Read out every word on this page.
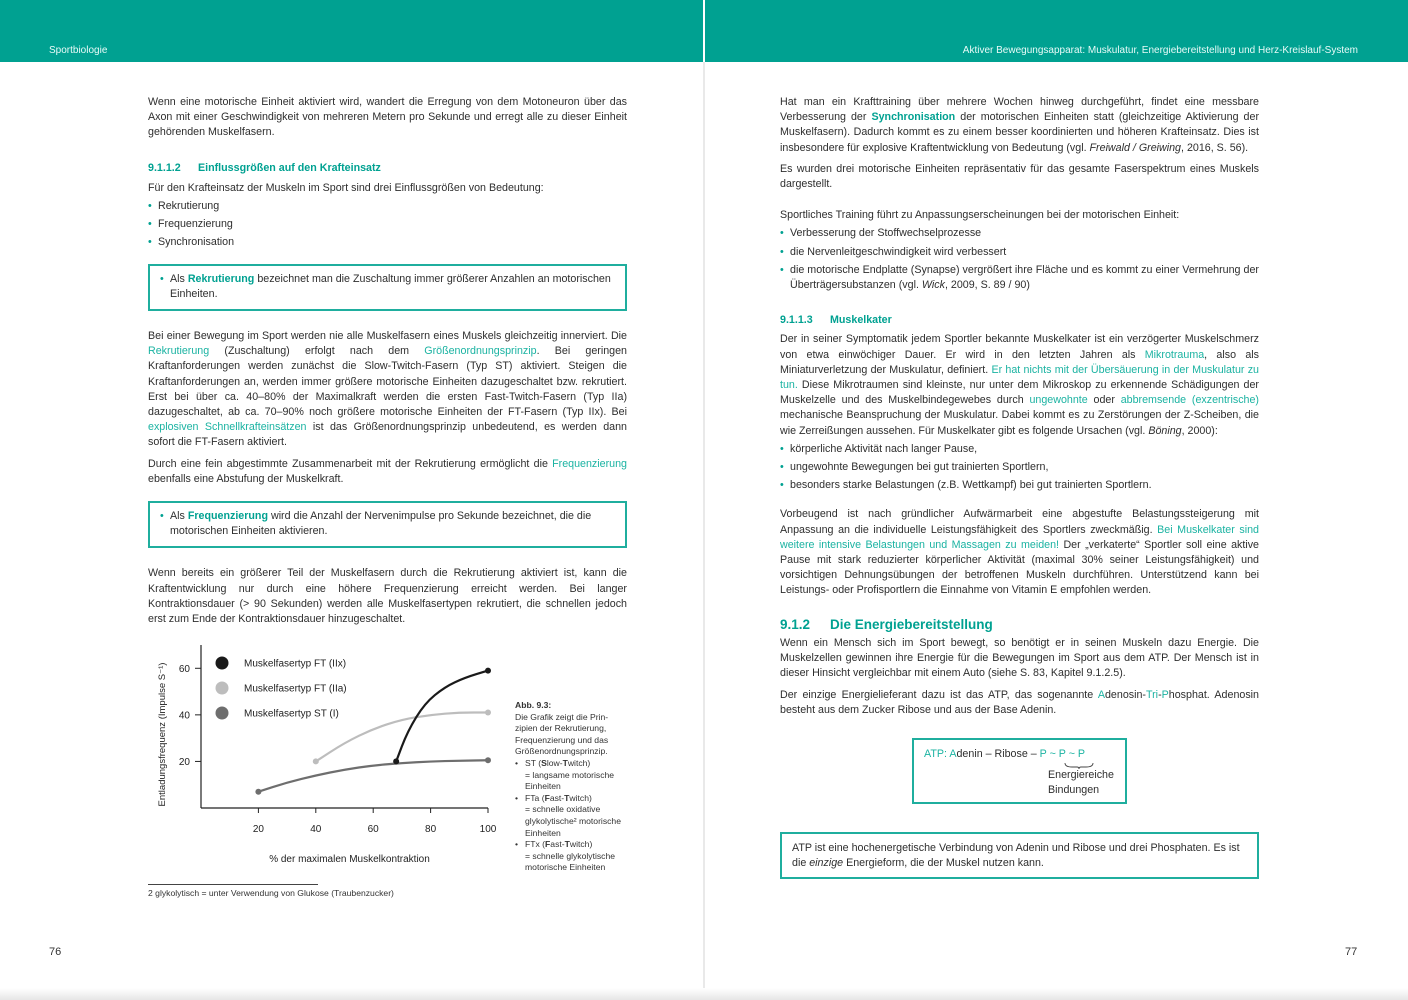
Sportbiologie	Aktiver Bewegungsapparat: Muskulatur, Energiebereitstellung und Herz-Kreislauf-System

Wenn eine motorische Einheit aktiviert wird, wandert die Erregung von dem Motoneuron über das Axon mit einer Geschwindigkeit von mehreren Metern pro Sekunde und erregt alle zu dieser Einheit gehörenden Muskelfasern.

9.1.1.2 Einflussgrößen auf den Krafteinsatz

Für den Krafteinsatz der Muskeln im Sport sind drei Einflussgrößen von Bedeutung:

• Rekrutierung
• Frequenzierung
• Synchronisation
• Als Rekrutierung bezeichnet man die Zuschaltung immer größerer Anzahlen an motorischen Einheiten.

Bei einer Bewegung im Sport werden nie alle Muskelfasern eines Muskels gleichzeitig innerviert. Die Rekrutierung (Zuschaltung) erfolgt nach dem Größenordnungsprinzip. Bei geringen Kraftanforderungen werden zunächst die Slow-Twitch-Fasern (Typ ST) aktiviert. Steigen die Kraftanforderungen an, werden immer größere motorische Einheiten dazugeschaltet bzw. rekrutiert. Erst bei über ca. 40–80% der Maximalkraft werden die ersten Fast-Twitch-Fasern (Typ IIa) dazugeschaltet, ab ca. 70–90% noch größere motorische Einheiten der FT-Fasern (Typ IIx). Bei explosiven Schnellkrafteinsätzen ist das Größenordnungsprinzip unbedeutend, es werden dann sofort die FT-Fasern aktiviert.

Durch eine fein abgestimmte Zusammenarbeit mit der Rekrutierung ermöglicht die Frequenzierung ebenfalls eine Abstufung der Muskelkraft.

• Als Frequenzierung wird die Anzahl der Nervenimpulse pro Sekunde bezeichnet, die die motorischen Einheiten aktivieren.

Wenn bereits ein größerer Teil der Muskelfasern durch die Rekrutierung aktiviert ist, kann die Kraftentwicklung nur durch eine höhere Frequenzierung erreicht werden. Bei langer Kontraktionsdauer (> 90 Sekunden) werden alle Muskelfasertypen rekrutiert, die schnellen jedoch erst zum Ende der Kontraktionsdauer hinzugeschaltet.

20	40	60	80	100
20
40
60
% der maximalen Muskelkontraktion
Entladungsfrequenz (Impulse S⁻¹)	Muskelfasertyp FT (IIx)
Muskelfasertyp FT (IIa)
Muskelfasertyp ST (I)
Abb. 9.3:
Die Grafik zeigt die Prin-
zipien der Rekrutierung,
Frequenzierung und das
Größenordnungsprinzip.
• ST (Slow-Twitch)
= langsame motorische
Einheiten
• FTa (Fast-Twitch)
= schnelle oxidative
glykolytische² motorische
Einheiten
• FTx (Fast-Twitch)
= schnelle glykolytische
motorische Einheiten
2 glykolytisch = unter Verwendung von Glukose (Traubenzucker)
76

Hat man ein Krafttraining über mehrere Wochen hinweg durchgeführt, findet eine messbare Verbesserung der Synchronisation der motorischen Einheiten statt (gleichzeitige Aktivierung der Muskelfasern). Dadurch kommt es zu einem besser koordinierten und höheren Krafteinsatz. Dies ist insbesondere für explosive Kraftentwicklung von Bedeutung (vgl. Freiwald / Greiwing, 2016, S. 56).

Es wurden drei motorische Einheiten repräsentativ für das gesamte Faserspektrum eines Muskels dargestellt.

Sportliches Training führt zu Anpassungserscheinungen bei der motorischen Einheit:

• Verbesserung der Stoffwechselprozesse
• die Nervenleitgeschwindigkeit wird verbessert
• die motorische Endplatte (Synapse) vergrößert ihre Fläche und es kommt zu einer Vermehrung der Überträgersubstanzen (vgl. Wick, 2009, S. 89 / 90)
9.1.1.3 Muskelkater

Der in seiner Symptomatik jedem Sportler bekannte Muskelkater ist ein verzögerter Muskelschmerz von etwa einwöchiger Dauer. Er wird in den letzten Jahren als Mikrotrauma, also als Miniaturverletzung der Muskulatur, definiert. Er hat nichts mit der Übersäuerung in der Muskulatur zu tun. Diese Mikrotraumen sind kleinste, nur unter dem Mikroskop zu erkennende Schädigungen der Muskelzelle und des Muskelbindegewebes durch ungewohnte oder abbremsende (exzentrische) mechanische Beanspruchung der Muskulatur. Dabei kommt es zu Zerstörungen der Z-Scheiben, die wie Zerreißungen aussehen. Für Muskelkater gibt es folgende Ursachen (vgl. Böning, 2000):

• körperliche Aktivität nach langer Pause,
• ungewohnte Bewegungen bei gut trainierten Sportlern,
• besonders starke Belastungen (z.B. Wettkampf) bei gut trainierten Sportlern.

Vorbeugend ist nach gründlicher Aufwärmarbeit eine abgestufte Belastungssteigerung mit Anpassung an die individuelle Leistungsfähigkeit des Sportlers zweckmäßig. Bei Muskelkater sind weitere intensive Belastungen und Massagen zu meiden! Der „verkaterte“ Sportler soll eine aktive Pause mit stark reduzierter körperlicher Aktivität (maximal 30% seiner Leistungsfähigkeit) und vorsichtigen Dehnungsübungen der betroffenen Muskeln durchführen. Unterstützend kann bei Leistungs- oder Profisportlern die Einnahme von Vitamin E empfohlen werden.

9.1.2 Die Energiebereitstellung

Wenn ein Mensch sich im Sport bewegt, so benötigt er in seinen Muskeln dazu Energie. Die Muskelzellen gewinnen ihre Energie für die Bewegungen im Sport aus dem ATP. Der Mensch ist in dieser Hinsicht vergleichbar mit einem Auto (siehe S. 83, Kapitel 9.1.2.5).

Der einzige Energielieferant dazu ist das ATP, das sogenannte Adenosin-Tri-Phosphat. Adenosin besteht aus dem Zucker Ribose und aus der Base Adenin.

ATP: Adenin – Ribose – P ~ P ~ P
Energiereiche
Bindungen
ATP ist eine hochenergetische Verbindung von Adenin und Ribose und drei Phosphaten. Es ist die einzige Energieform, die der Muskel nutzen kann.
77
